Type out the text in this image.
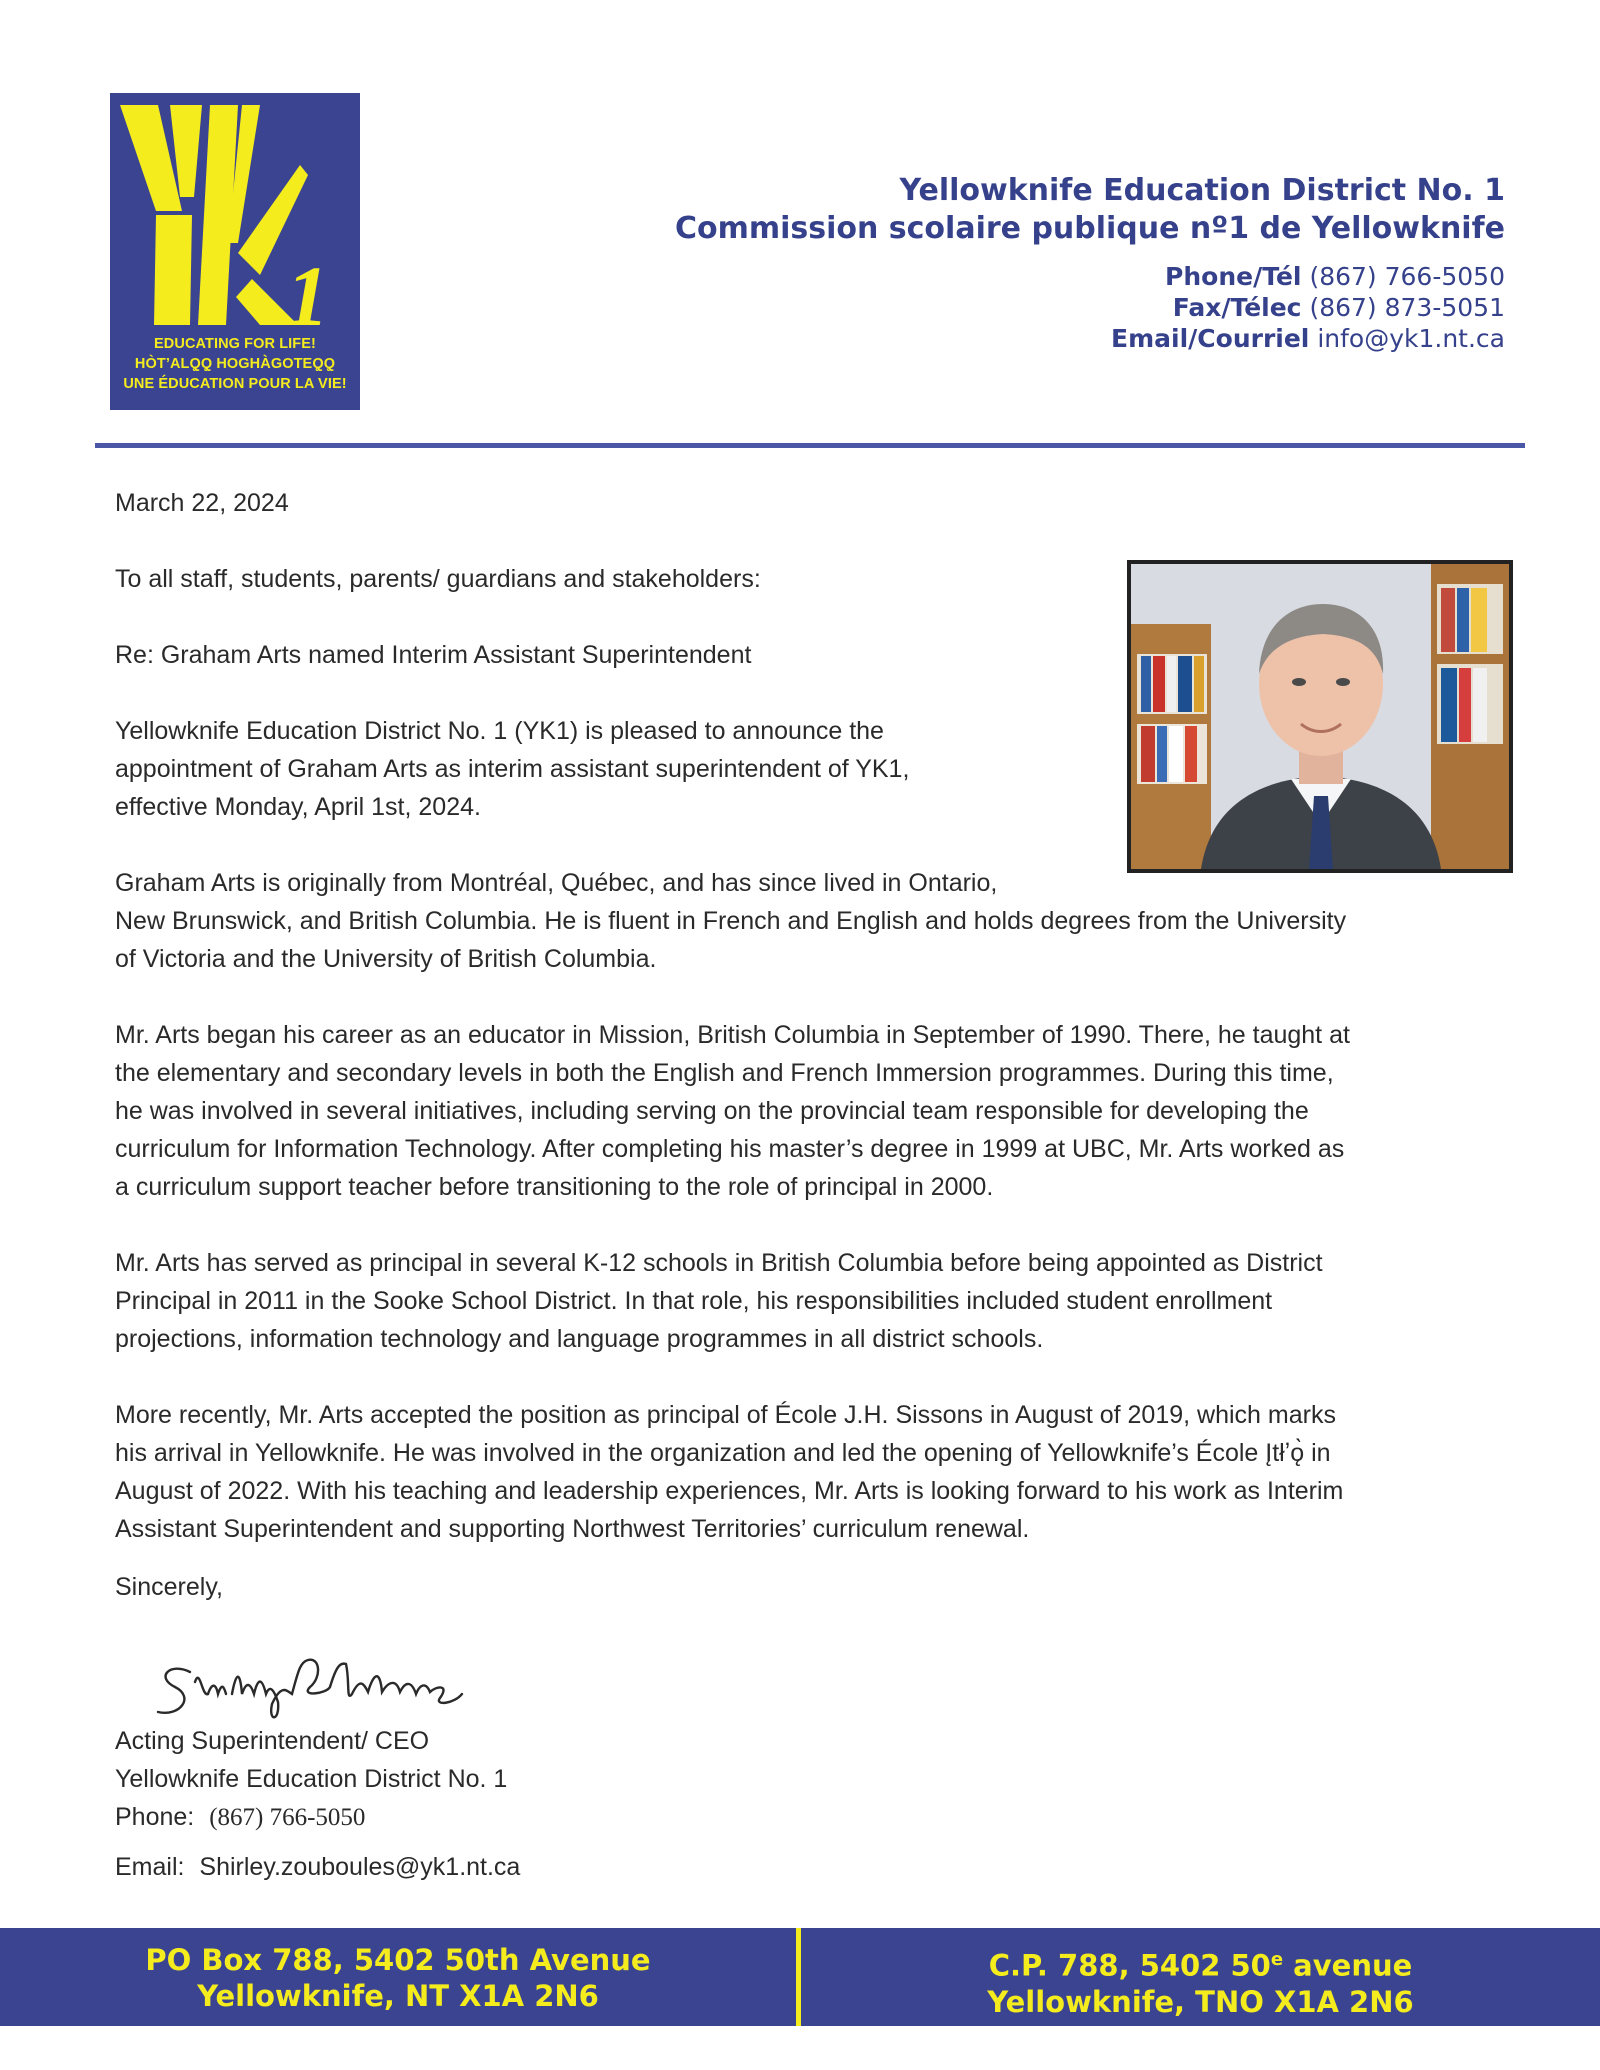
1
EDUCATING FOR LIFE!
HÒT’ALQ̨Q̨ HOGHÀGOTEQ̨Q̨
UNE ÉDUCATION POUR LA VIE!
Yellowknife Education District No. 1
Commission scolaire publique nº1 de Yellowknife
Phone/Tél (867) 766-5050
Fax/Télec (867) 873-5051
Email/Courriel info@yk1.nt.ca
March 22, 2024
To all staff, students, parents/ guardians and stakeholders:
Re: Graham Arts named Interim Assistant Superintendent
Yellowknife Education District No. 1 (YK1) is pleased to announce the
appointment of Graham Arts as interim assistant superintendent of YK1,
effective Monday, April 1st, 2024.
Graham Arts is originally from Montréal, Québec, and has since lived in Ontario,
New Brunswick, and British Columbia. He is fluent in French and English and holds degrees from the University
of Victoria and the University of British Columbia.
Mr. Arts began his career as an educator in Mission, British Columbia in September of 1990. There, he taught at
the elementary and secondary levels in both the English and French Immersion programmes. During this time,
he was involved in several initiatives, including serving on the provincial team responsible for developing the
curriculum for Information Technology. After completing his master’s degree in 1999 at UBC, Mr. Arts worked as
a curriculum support teacher before transitioning to the role of principal in 2000.
Mr. Arts has served as principal in several K-12 schools in British Columbia before being appointed as District
Principal in 2011 in the Sooke School District. In that role, his responsibilities included student enrollment
projections, information technology and language programmes in all district schools.
More recently, Mr. Arts accepted the position as principal of École J.H. Sissons in August of 2019, which marks
his arrival in Yellowknife. He was involved in the organization and led the opening of Yellowknife’s École Įtłʼǫ̀ in
August of 2022. With his teaching and leadership experiences, Mr. Arts is looking forward to his work as Interim
Assistant Superintendent and supporting Northwest Territories’ curriculum renewal.
Sincerely,
Acting Superintendent/ CEO
Yellowknife Education District No. 1
Phone: (867) 766-5050
Email: Shirley.zouboules@yk1.nt.ca
PO Box 788, 5402 50th Avenue
Yellowknife, NT X1A 2N6
C.P. 788, 5402 50e avenue
Yellowknife, TNO X1A 2N6
